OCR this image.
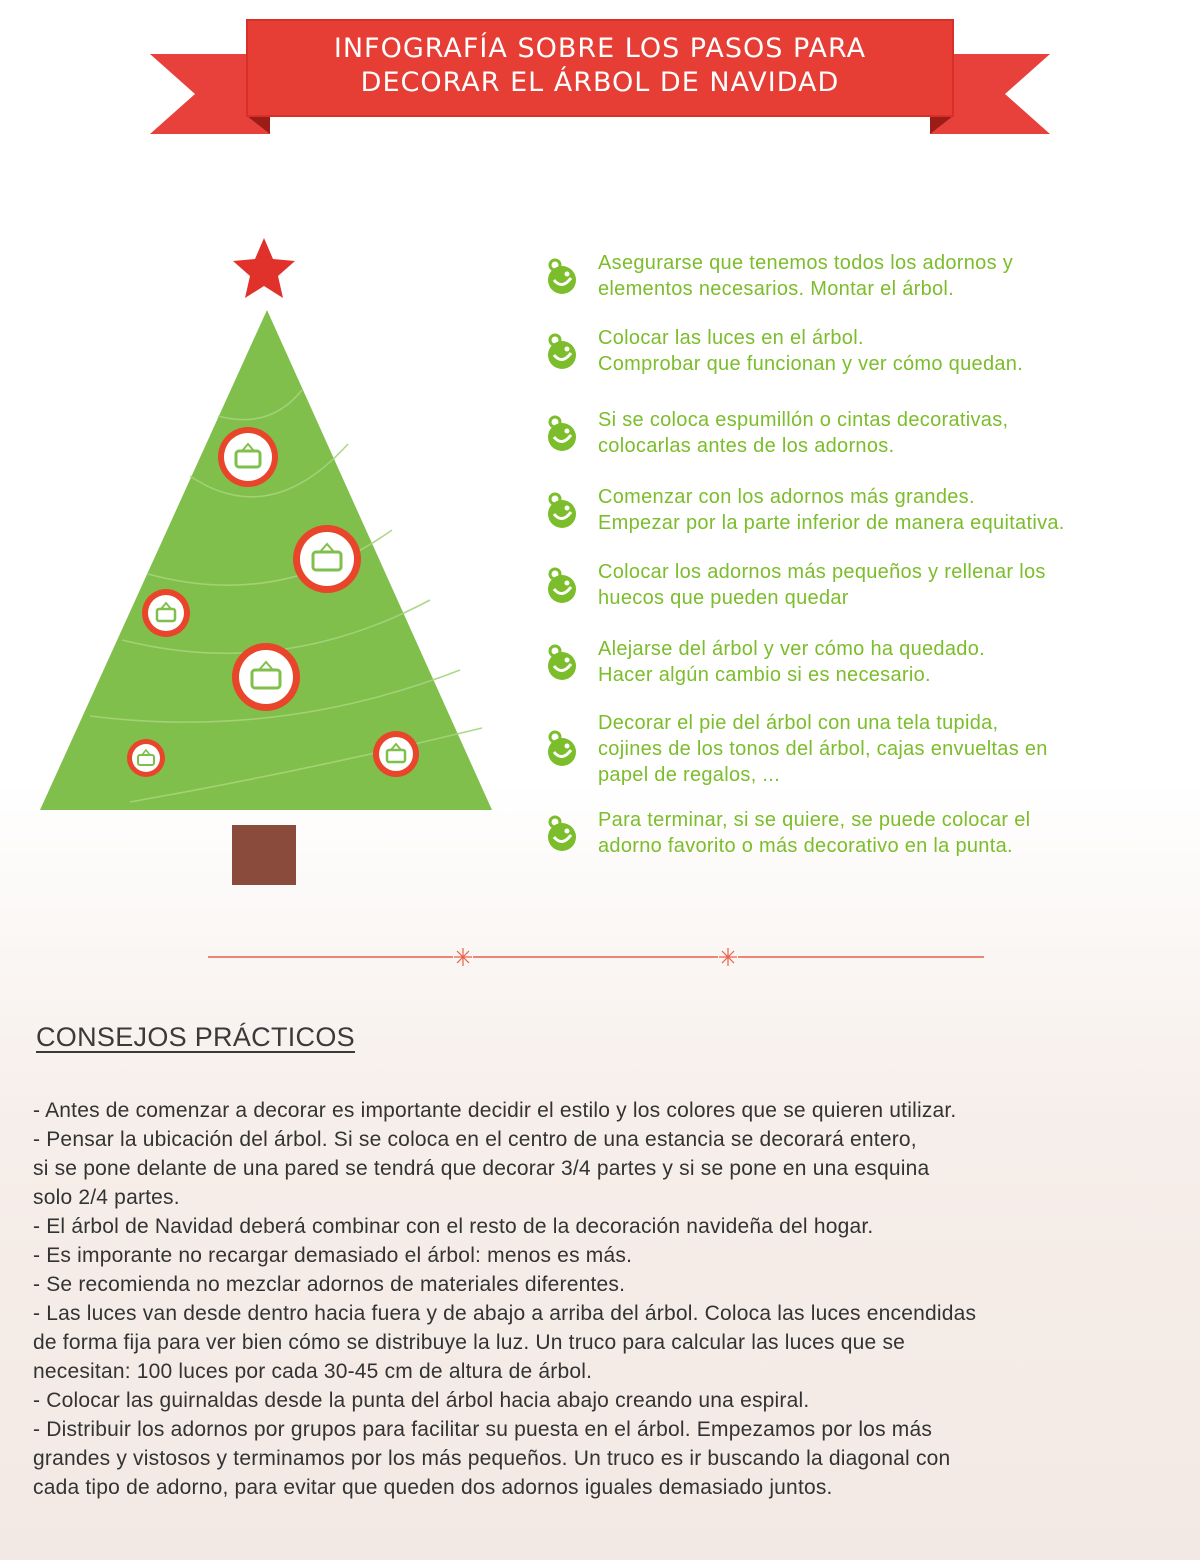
INFOGRAFÍA SOBRE LOS PASOS PARA
DECORAR EL ÁRBOL DE NAVIDAD
Asegurarse que tenemos todos los adornos y
elementos necesarios. Montar el árbol.
Colocar las luces en el árbol.
Comprobar que funcionan y ver cómo quedan.
Si se coloca espumillón o cintas decorativas,
colocarlas antes de los adornos.
Comenzar con los adornos más grandes.
Empezar por la parte inferior de manera equitativa.
Colocar los adornos más pequeños y rellenar los
huecos que pueden quedar
Alejarse del árbol y ver cómo ha quedado.
Hacer algún cambio si es necesario.
Decorar el pie del árbol con una tela tupida,
cojines de los tonos del árbol, cajas envueltas en
papel de regalos, ...
Para terminar, si se quiere, se puede colocar el
adorno favorito o más decorativo en la punta.
CONSEJOS PRÁCTICOS

- Antes de comenzar a decorar es importante decidir el estilo y los colores que se quieren utilizar.

- Pensar la ubicación del árbol. Si se coloca en el centro de una estancia se decorará entero,

si se pone delante de una pared se tendrá que decorar 3/4 partes y si se pone en una esquina

solo 2/4 partes.

- El árbol de Navidad deberá combinar con el resto de la decoración navideña del hogar.

- Es imporante no recargar demasiado el árbol: menos es más.

- Se recomienda no mezclar adornos de materiales diferentes.

- Las luces van desde dentro hacia fuera y de abajo a arriba del árbol. Coloca las luces encendidas

de forma fija para ver bien cómo se distribuye la luz. Un truco para calcular las luces que se

necesitan: 100 luces por cada 30-45 cm de altura de árbol.

- Colocar las guirnaldas desde la punta del árbol hacia abajo creando una espiral.

- Distribuir los adornos por grupos para facilitar su puesta en el árbol. Empezamos por los más

grandes y vistosos y terminamos por los más pequeños. Un truco es ir buscando la diagonal con

cada tipo de adorno, para evitar que queden dos adornos iguales demasiado juntos.
